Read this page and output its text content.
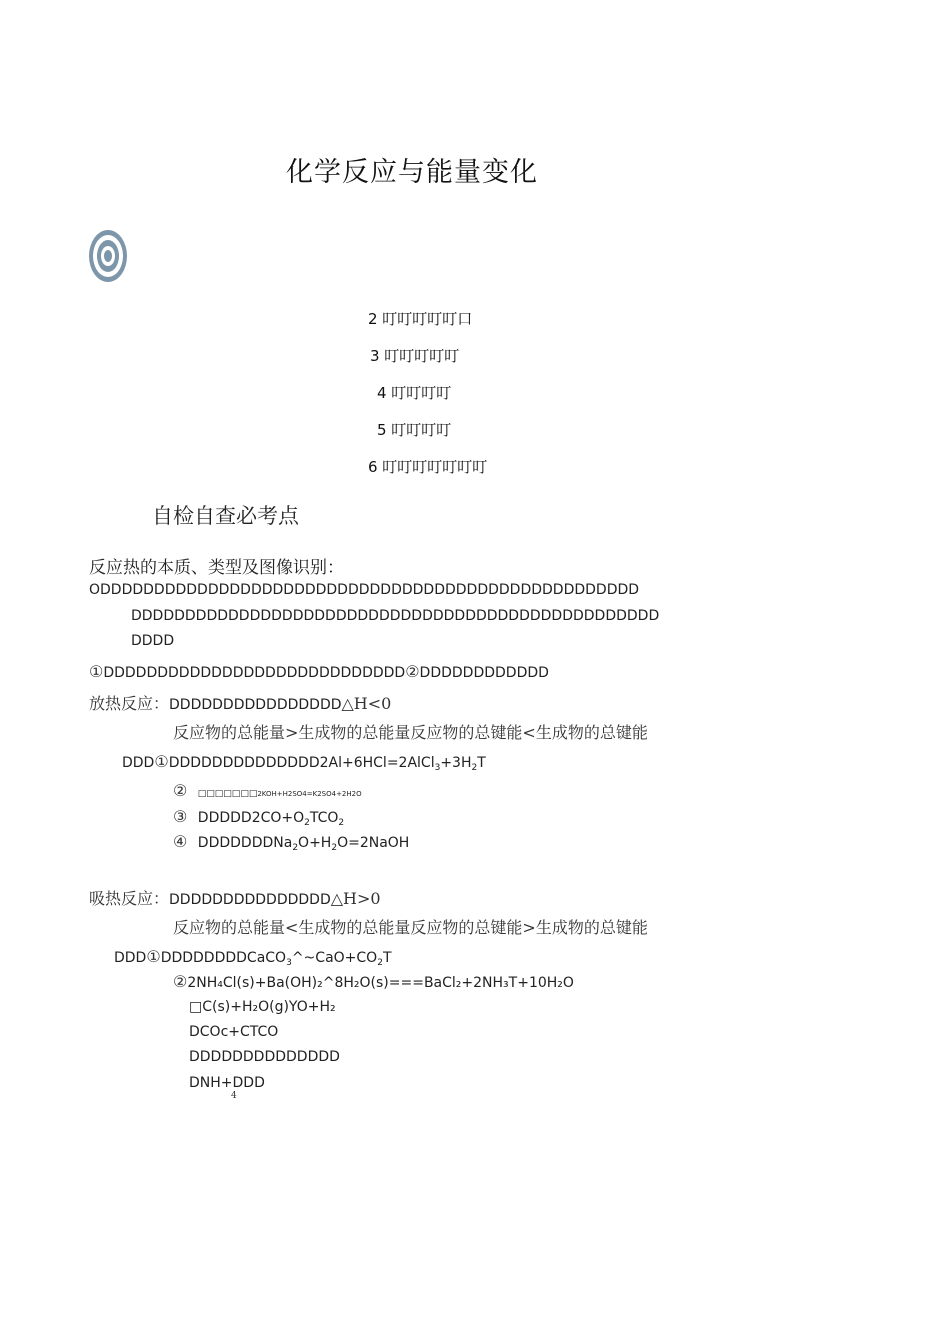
化学反应与能量变化
2 叮叮叮叮叮口
3 叮叮叮叮叮
4 叮叮叮叮
5 叮叮叮叮
6 叮叮叮叮叮叮叮
自检自查必考点
反应热的本质、类型及图像识别：
ODDDDDDDDDDDDDDDDDDDDDDDDDDDDDDDDDDDDDDDDDDDDDDDDDD
DDDDDDDDDDDDDDDDDDDDDDDDDDDDDDDDDDDDDDDDDDDDDDDDD
DDDD
①DDDDDDDDDDDDDDDDDDDDDDDDDDDD②DDDDDDDDDDDD
放热反应：DDDDDDDDDDDDDDDD△H<0
反应物的总能量>生成物的总能量反应物的总键能<生成物的总键能
$DDD①DDDDDDDDDDDDDD2Al+6HCl=2AlCl_3+3H_2T$
② □□□□□□□2KOH+H2SO4=K2SO4+2H2O
③ $DDDDD2CO+O_2TCO_2$
④ $DDDDDDDNa_2O+H_2O=2NaOH$
吸热反应：DDDDDDDDDDDDDDD△H>0
反应物的总能量<生成物的总能量反应物的总键能>生成物的总键能
$DDD①DDDDDDDDCaCO_3\^{}\sim CaO+CO_2T$
②2NH₄Cl(s)+Ba(OH)₂^8H₂O(s)===BaCl₂+2NH₃T+10H₂O
□C(s)+H₂O(g)YO+H₂
DCOc+CTCO
DDDDDDDDDDDDDD
DNH+DDD
4
